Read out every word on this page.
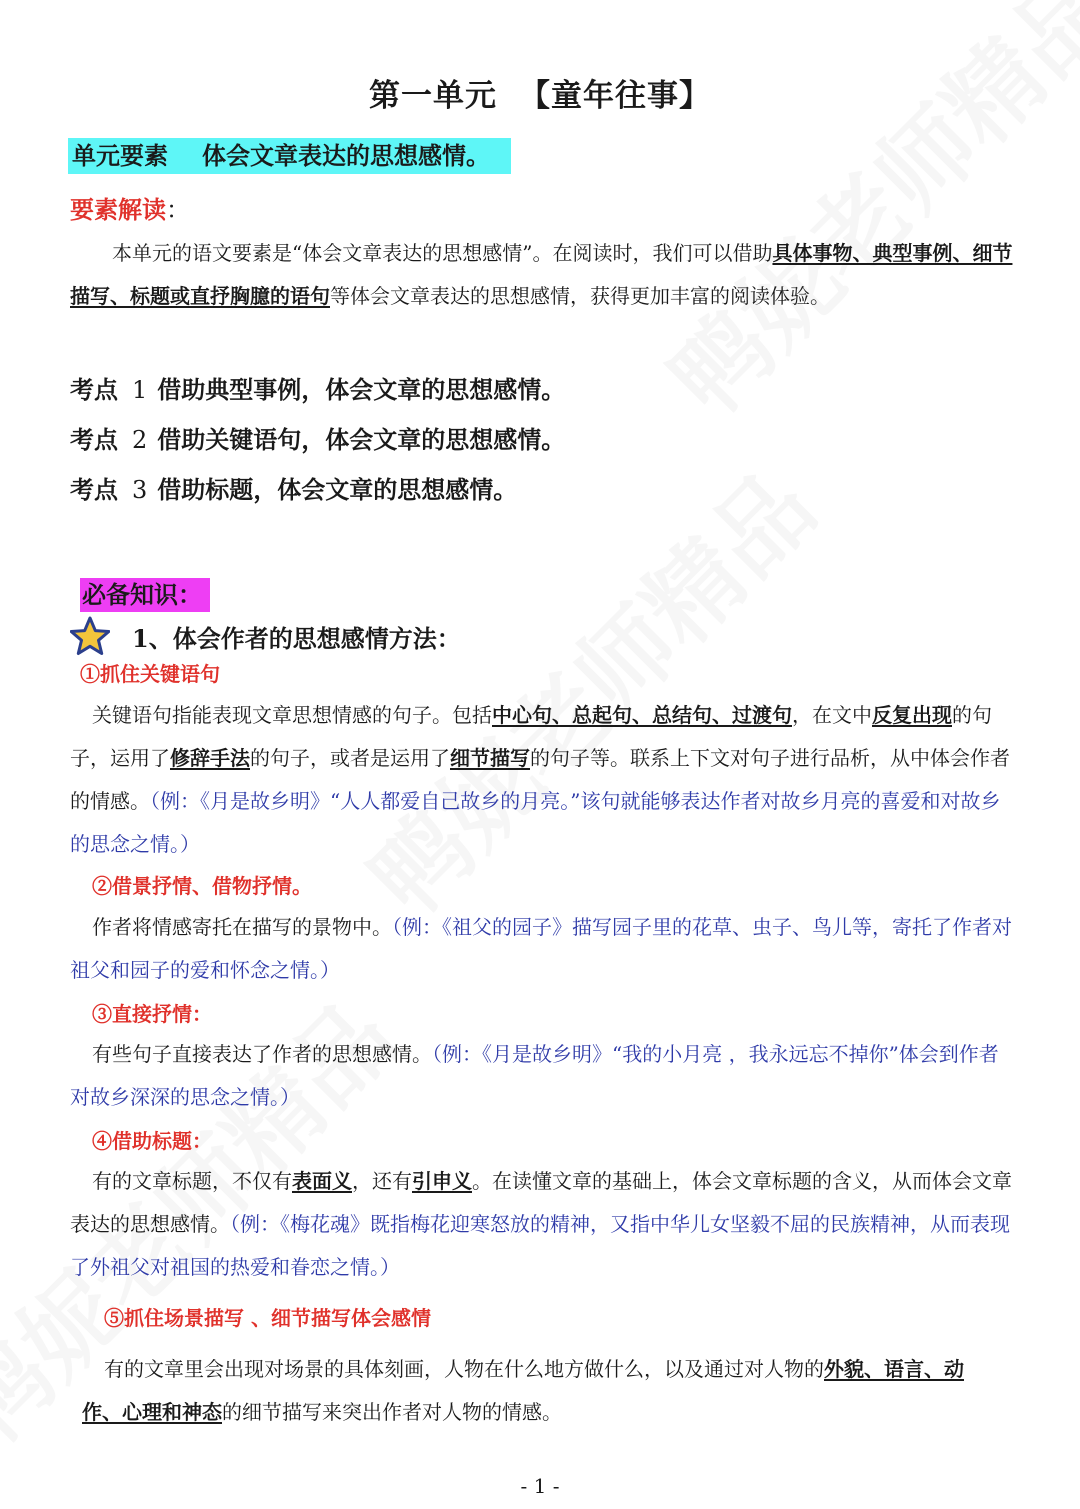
第一单元 【童年往事】
单元要素 体会文章表达的思想感情。
要素解读：

本单元的语文要素是“体会文章表达的思想感情”。在阅读时，我们可以借助具体事物、典型事例、细节描写、标题或直抒胸臆的语句等体会文章表达的思想感情，获得更加丰富的阅读体验。

考点 1 借助典型事例，体会文章的思想感情。
考点 2 借助关键语句，体会文章的思想感情。
考点 3 借助标题，体会文章的思想感情。
必备知识：
1、体会作者的思想感情方法：
①抓住关键语句

关键语句指能表现文章思想情感的句子。包括中心句、总起句、总结句、过渡句，在文中反复出现的句子，运用了修辞手法的句子，或者是运用了细节描写的句子等。联系上下文对句子进行品析，从中体会作者的情感。（例：《月是故乡明》“人人都爱自己故乡的月亮。”该句就能够表达作者对故乡月亮的喜爱和对故乡的思念之情。）

②借景抒情、借物抒情。

作者将情感寄托在描写的景物中。（例：《祖父的园子》描写园子里的花草、虫子、鸟儿等，寄托了作者对祖父和园子的爱和怀念之情。）

③直接抒情：

有些句子直接表达了作者的思想感情。（例：《月是故乡明》“我的小月亮 ，我永远忘不掉你”体会到作者对故乡深深的思念之情。）

④借助标题：

有的文章标题，不仅有表面义，还有引申义。在读懂文章的基础上，体会文章标题的含义，从而体会文章表达的思想感情。（例：《梅花魂》既指梅花迎寒怒放的精神，又指中华儿女坚毅不屈的民族精神，从而表现了外祖父对祖国的热爱和眷恋之情。）

⑤抓住场景描写 、细节描写体会感情

有的文章里会出现对场景的具体刻画，人物在什么地方做什么，以及通过对人物的外貌、语言、动作、心理和神态的细节描写来突出作者对人物的情感。

- 1 -
